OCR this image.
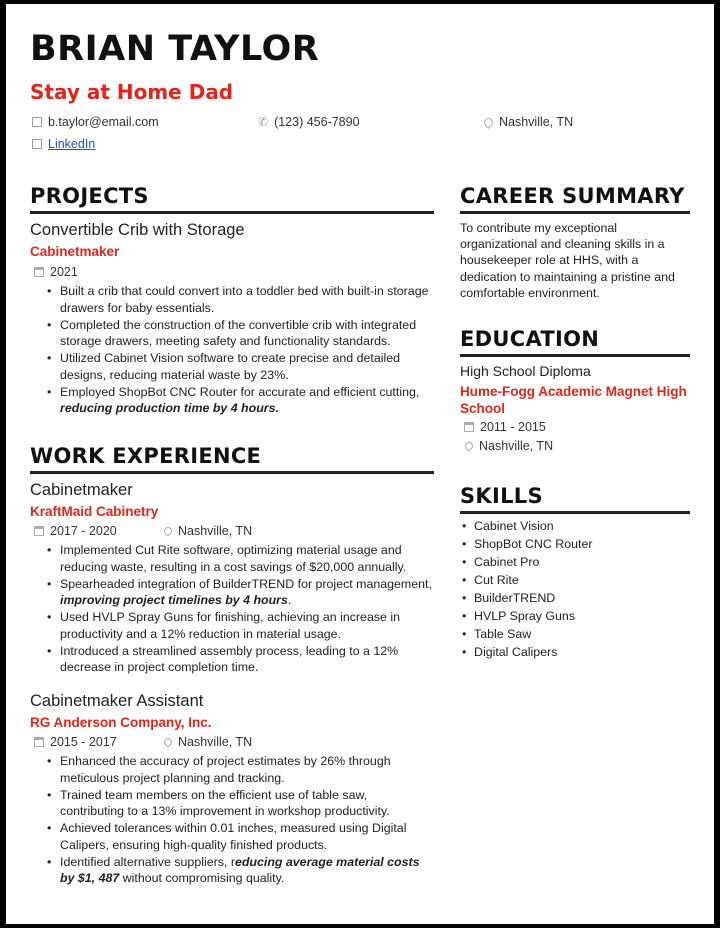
BRIAN TAYLOR
Stay at Home Dad
b.taylor@email.com	✆ (123) 456-7890	Nashville, TN
LinkedIn
PROJECTS
Convertible Crib with Storage
Cabinetmaker
2021
• Built a crib that could convert into a toddler bed with built-in storage drawers for baby essentials.
• Completed the construction of the convertible crib with integrated storage drawers, meeting safety and functionality standards.
• Utilized Cabinet Vision software to create precise and detailed designs, reducing material waste by 23%.
• Employed ShopBot CNC Router for accurate and efficient cutting, reducing production time by 4 hours.
WORK EXPERIENCE
Cabinetmaker
KraftMaid Cabinetry
2017 - 2020	Nashville, TN
• Implemented Cut Rite software, optimizing material usage and reducing waste, resulting in a cost savings of $20,000 annually.
• Spearheaded integration of BuilderTREND for project management, improving project timelines by 4 hours.
• Used HVLP Spray Guns for finishing, achieving an increase in productivity and a 12% reduction in material usage.
• Introduced a streamlined assembly process, leading to a 12% decrease in project completion time.
Cabinetmaker Assistant
RG Anderson Company, Inc.
2015 - 2017	Nashville, TN
• Enhanced the accuracy of project estimates by 26% through meticulous project planning and tracking.
• Trained team members on the efficient use of table saw, contributing to a 13% improvement in workshop productivity.
• Achieved tolerances within 0.01 inches, measured using Digital Calipers, ensuring high-quality finished products.
• Identified alternative suppliers, reducing average material costs by $1, 487 without compromising quality.
CAREER SUMMARY
To contribute my exceptional organizational and cleaning skills in a housekeeper role at HHS, with a dedication to maintaining a pristine and comfortable environment.
EDUCATION
High School Diploma
Hume-Fogg Academic Magnet High School
2011 - 2015
Nashville, TN
SKILLS
• Cabinet Vision
• ShopBot CNC Router
• Cabinet Pro
• Cut Rite
• BuilderTREND
• HVLP Spray Guns
• Table Saw
• Digital Calipers
